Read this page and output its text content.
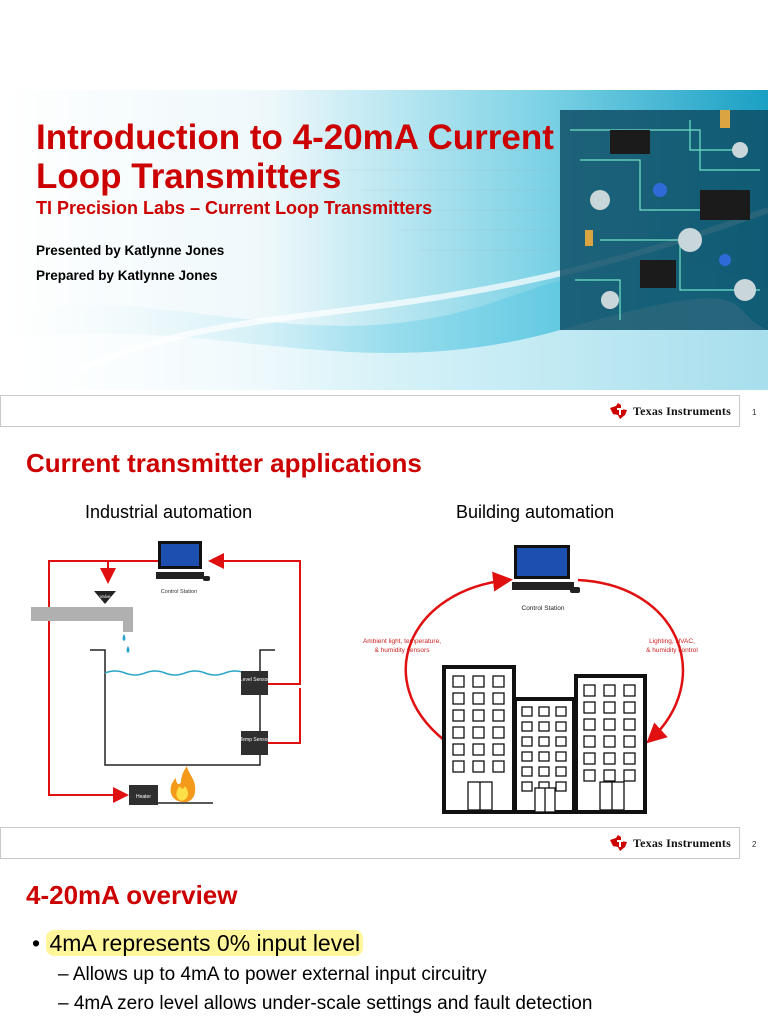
Introduction to 4-20mA Current Loop Transmitters
TI Precision Labs – Current Loop Transmitters
Presented by Katlynne Jones
Prepared by Katlynne Jones
Texas Instruments	1
Current transmitter applications
Industrial automation	Building automation
Control Station
Valve
Level Sensor
Temp Sensor
Heater
Control Station
Ambient light, temperature,
& humidity sensors
Lighting, HVAC,
& humidity control
Texas Instruments	2
4-20mA overview
• 4mA represents 0% input level
– Allows up to 4mA to power external input circuitry
– 4mA zero level allows under-scale settings and fault detection
